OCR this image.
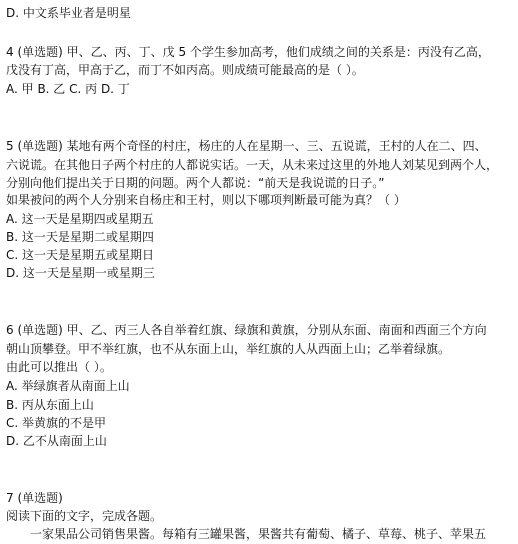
D. 中文系毕业者是明星
4 (单选题) 甲、乙、丙、丁、戊 5 个学生参加高考，他们成绩之间的关系是：丙没有乙高，
戊没有丁高，甲高于乙，而丁不如丙高。则成绩可能最高的是（ ）。
A. 甲 B. 乙 C. 丙 D. 丁
5 (单选题) 某地有两个奇怪的村庄，杨庄的人在星期一、三、五说谎，王村的人在二、四、
六说谎。在其他日子两个村庄的人都说实话。一天，从未来过这里的外地人刘某见到两个人，
分别向他们提出关于日期的问题。两个人都说：“前天是我说谎的日子。”
如果被问的两个人分别来自杨庄和王村，则以下哪项判断最可能为真？（ ）
A. 这一天是星期四或星期五
B. 这一天是星期二或星期四
C. 这一天是星期五或星期日
D. 这一天是星期一或星期三
6 (单选题) 甲、乙、丙三人各自举着红旗、绿旗和黄旗，分别从东面、南面和西面三个方向
朝山顶攀登。甲不举红旗，也不从东面上山，举红旗的人从西面上山；乙举着绿旗。
由此可以推出（ ）。
A. 举绿旗者从南面上山
B. 丙从东面上山
C. 举黄旗的不是甲
D. 乙不从南面上山
7 (单选题)
阅读下面的文字，完成各题。
一家果品公司销售果酱。每箱有三罐果酱，果酱共有葡萄、橘子、草莓、桃子、苹果五
